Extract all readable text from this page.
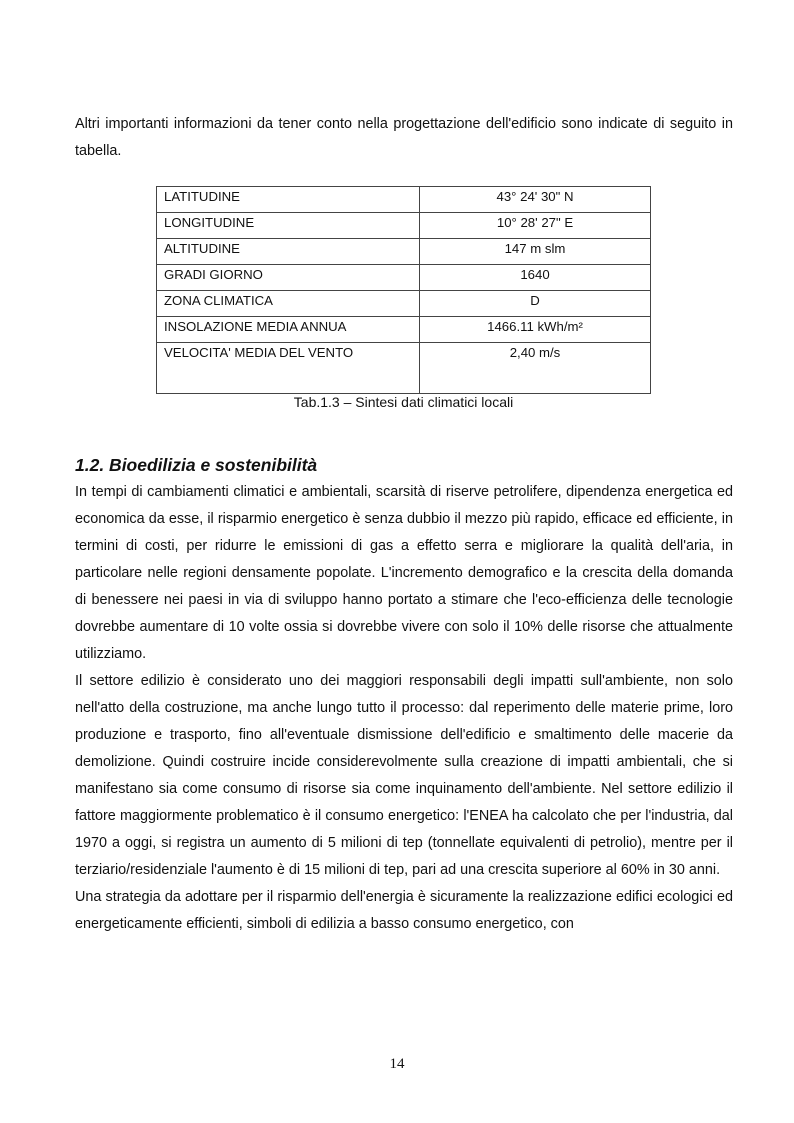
Altri importanti informazioni da tener conto nella progettazione dell'edificio sono indicate di seguito in tabella.

LATITUDINE	43° 24' 30" N
LONGITUDINE	10° 28' 27" E
ALTITUDINE	147 m slm
GRADI GIORNO	1640
ZONA CLIMATICA	D
INSOLAZIONE MEDIA ANNUA	1466.11 kWh/m²
VELOCITA' MEDIA DEL VENTO	2,40 m/s

Tab.1.3 – Sintesi dati climatici locali

1.2. Bioedilizia e sostenibilità

In tempi di cambiamenti climatici e ambientali, scarsità di riserve petrolifere, dipendenza energetica ed economica da esse, il risparmio energetico è senza dubbio il mezzo più rapido, efficace ed efficiente, in termini di costi, per ridurre le emissioni di gas a effetto serra e migliorare la qualità dell'aria, in particolare nelle regioni densamente popolate. L'incremento demografico e la crescita della domanda di benessere nei paesi in via di sviluppo hanno portato a stimare che l'eco-efficienza delle tecnologie dovrebbe aumentare di 10 volte ossia si dovrebbe vivere con solo il 10% delle risorse che attualmente utilizziamo.

Il settore edilizio è considerato uno dei maggiori responsabili degli impatti sull'ambiente, non solo nell'atto della costruzione, ma anche lungo tutto il processo: dal reperimento delle materie prime, loro produzione e trasporto, fino all'eventuale dismissione dell'edificio e smaltimento delle macerie da demolizione. Quindi costruire incide considerevolmente sulla creazione di impatti ambientali, che si manifestano sia come consumo di risorse sia come inquinamento dell'ambiente. Nel settore edilizio il fattore maggiormente problematico è il consumo energetico: l'ENEA ha calcolato che per l'industria, dal 1970 a oggi, si registra un aumento di 5 milioni di tep (tonnellate equivalenti di petrolio), mentre per il terziario/residenziale l'aumento è di 15 milioni di tep, pari ad una crescita superiore al 60% in 30 anni.

Una strategia da adottare per il risparmio dell'energia è sicuramente la realizzazione edifici ecologici ed energeticamente efficienti, simboli di edilizia a basso consumo energetico, con

14
